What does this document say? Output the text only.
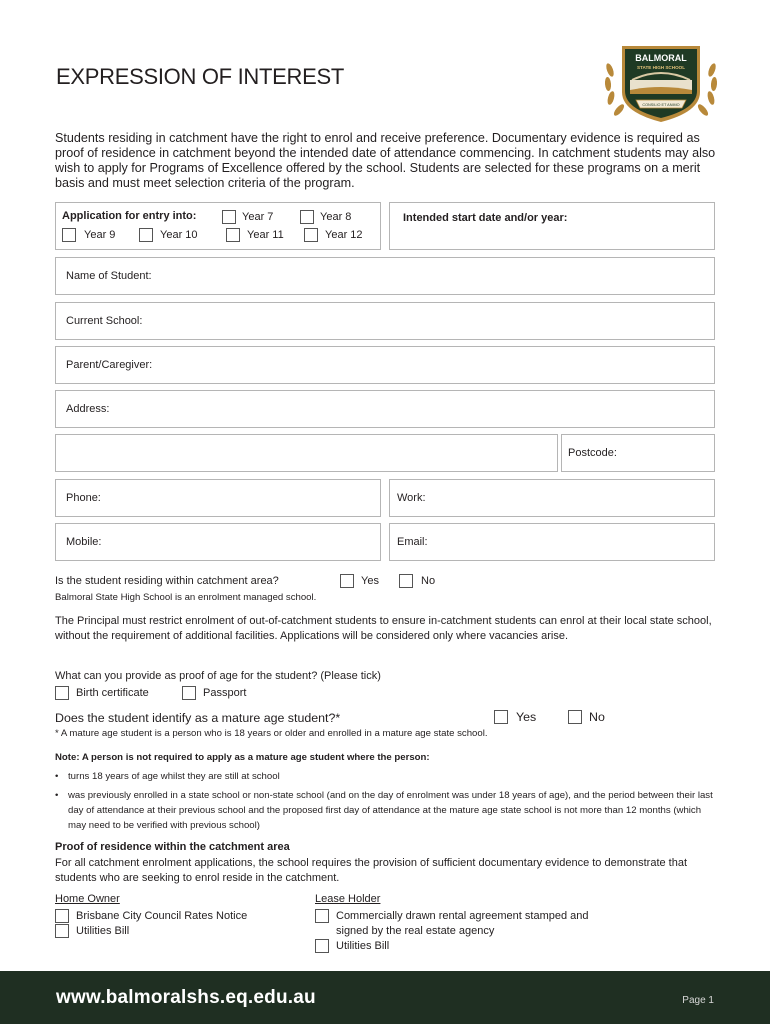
EXPRESSION OF INTEREST
BALMORAL
STATE HIGH SCHOOL
CONSILIO ET ANIMO
Students residing in catchment have the right to enrol and receive preference. Documentary evidence is required as proof of residence in catchment beyond the intended date of attendance commencing. In catchment students may also wish to apply for Programs of Excellence offered by the school. Students are selected for these programs on a merit basis and must meet selection criteria of the program.
Application for entry into:	Year 7	Year 8
Year 9	Year 10	Year 11	Year 12
Intended start date and/or year:
Name of Student:
Current School:
Parent/Caregiver:
Address:
Postcode:
Phone:	Work:
Mobile:	Email:
Is the student residing within catchment area?	Yes	No
Balmoral State High School is an enrolment managed school.
The Principal must restrict enrolment of out-of-catchment students to ensure in-catchment students can enrol at their local state school, without the requirement of additional facilities. Applications will be considered only where vacancies arise.
What can you provide as proof of age for the student? (Please tick)
Birth certificate	Passport
Does the student identify as a mature age student?*	Yes	No
* A mature age student is a person who is 18 years or older and enrolled in a mature age state school.
Note: A person is not required to apply as a mature age student where the person:
• turns 18 years of age whilst they are still at school
• was previously enrolled in a state school or non-state school (and on the day of enrolment was under 18 years of age), and the period between their last day of attendance at their previous school and the proposed first day of attendance at the mature age state school is not more than 12 months (which may need to be verified with previous school)
Proof of residence within the catchment area
For all catchment enrolment applications, the school requires the provision of sufficient documentary evidence to demonstrate that students who are seeking to enrol reside in the catchment.
Home Owner
Brisbane City Council Rates Notice
Utilities Bill
Lease Holder
Commercially drawn rental agreement stamped and signed by the real estate agency
Utilities Bill
www.balmoralshs.eq.edu.au	Page 1
